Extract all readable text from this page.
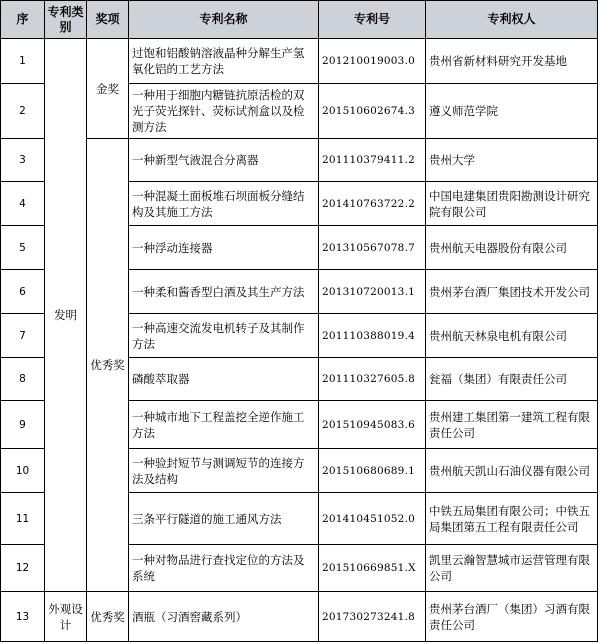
序	专利类别	奖项	专利名称	专利号	专利权人
1	发明	金奖	过饱和铝酸钠溶液晶种分解生产氢氧化铝的工艺方法	201210019003.0	贵州省新材料研究开发基地
2			一种用于细胞内糖链抗原活检的双光子荧光探针、荧标试剂盒以及检测方法	201510602674.3	遵义师范学院
3		优秀奖	一种新型气液混合分离器	201110379411.2	贵州大学
4			一种混凝土面板堆石坝面板分缝结构及其施工方法	201410763722.2	中国电建集团贵阳勘测设计研究院有限公司
5			一种浮动连接器	201310567078.7	贵州航天电器股份有限公司
6			一种柔和酱香型白酒及其生产方法	201310720013.1	贵州茅台酒厂集团技术开发公司
7			一种高速交流发电机转子及其制作方法	201110388019.4	贵州航天林泉电机有限公司
8			磷酸萃取器	201110327605.8	瓮福（集团）有限责任公司
9			一种城市地下工程盖挖全逆作施工方法	201510945083.6	贵州建工集团第一建筑工程有限责任公司
10			一种验封短节与测调短节的连接方法及结构	201510680689.1	贵州航天凯山石油仪器有限公司
11			三条平行隧道的施工通风方法	201410451052.0	中铁五局集团有限公司；中铁五局集团第五工程有限责任公司
12			一种对物品进行查找定位的方法及系统	201510669851.X	凯里云瀚智慧城市运营管理有限公司
13	外观设计	优秀奖	酒瓶（习酒窖藏系列）	201730273241.8	贵州茅台酒厂（集团）习酒有限责任公司
